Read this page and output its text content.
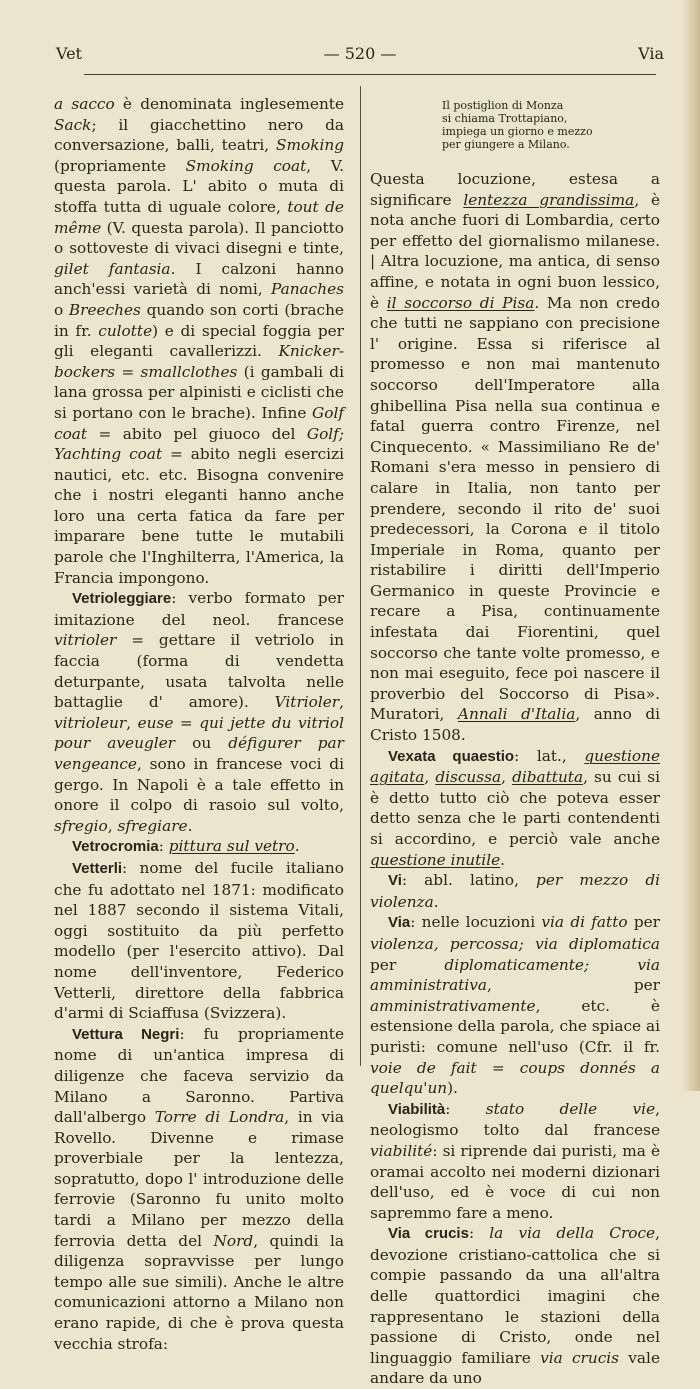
Vet	— 520 —	Via

a sacco è denominata inglesemente Sack; il giacchettino nero da conversazione, balli, teatri, Smoking (propriamente Smoking coat, V. questa parola. L' abito o muta di stoffa tutta di uguale colore, tout de même (V. questa parola). Il panciotto o sottoveste di vivaci disegni e tinte, gilet fantasia. I calzoni hanno anch'essi varietà di nomi, Panaches o Breeches quando son corti (brache in fr. culotte) e di special foggia per gli eleganti cavallerizzi. Knicker-bockers = smallclothes (i gambali di lana grossa per alpinisti e ciclisti che si portano con le brache). Infine Golf coat = abito pel giuoco del Golf; Yachting coat = abito negli esercizi nautici, etc. etc. Bisogna convenire che i nostri eleganti hanno anche loro una certa fatica da fare per imparare bene tutte le mutabili parole che l'Inghilterra, l'America, la Francia impongono.

Vetrioleggiare: verbo formato per imitazione del neol. francese vitrioler = gettare il vetriolo in faccia (forma di vendetta deturpante, usata talvolta nelle battaglie d' amore). Vitrioler, vitrioleur, euse = qui jette du vitriol pour aveugler ou défigurer par vengeance, sono in francese voci di gergo. In Napoli è a tale effetto in onore il colpo di rasoio sul volto, sfregio, sfregiare.

Vetrocromia: pittura sul vetro.

Vetterli: nome del fucile italiano che fu adottato nel 1871: modificato nel 1887 secondo il sistema Vitali, oggi sostituito da più perfetto modello (per l'esercito attivo). Dal nome dell'inventore, Federico Vetterli, direttore della fabbrica d'armi di Sciaffusa (Svizzera).

Vettura Negri: fu propriamente nome di un'antica impresa di diligenze che faceva servizio da Milano a Saronno. Partiva dall'albergo Torre di Londra, in via Rovello. Divenne e rimase proverbiale per la lentezza, sopratutto, dopo l' introduzione delle ferrovie (Saronno fu unito molto tardi a Milano per mezzo della ferrovia detta del Nord, quindi la diligenza sopravvisse per lungo tempo alle sue simili). Anche le altre comunicazioni attorno a Milano non erano rapide, di che è prova questa vecchia strofa:

Il postiglion di Monza
si chiama Trottapiano,
impiega un giorno e mezzo
per giungere a Milano.

Questa locuzione, estesa a significare lentezza grandissima, è nota anche fuori di Lombardia, certo per effetto del giornalismo milanese. | Altra locuzione, ma antica, di senso affine, e notata in ogni buon lessico, è il soccorso di Pisa. Ma non credo che tutti ne sappiano con precisione l' origine. Essa si riferisce al promesso e non mai mantenuto soccorso dell'Imperatore alla ghibellina Pisa nella sua continua e fatal guerra contro Firenze, nel Cinquecento. « Massimiliano Re de' Romani s'era messo in pensiero di calare in Italia, non tanto per prendere, secondo il rito de' suoi predecessori, la Corona e il titolo Imperiale in Roma, quanto per ristabilire i diritti dell'Imperio Germanico in queste Provincie e recare a Pisa, continuamente infestata dai Fiorentini, quel soccorso che tante volte promesso, e non mai eseguito, fece poi nascere il proverbio del Soccorso di Pisa». Muratori, Annali d'Italia, anno di Cristo 1508.

Vexata quaestio: lat., questione agitata, discussa, dibattuta, su cui si è detto tutto ciò che poteva esser detto senza che le parti contendenti si accordino, e perciò vale anche questione inutile.

Vi: abl. latino, per mezzo di violenza.

Via: nelle locuzioni via di fatto per violenza, percossa; via diplomatica per diplomaticamente; via amministrativa, per amministrativamente, etc. è estensione della parola, che spiace ai puristi: comune nell'uso (Cfr. il fr. voie de fait = coups donnés a quelqu'un).

Viabilità: stato delle vie, neologismo tolto dal francese viabilité: si riprende dai puristi, ma è oramai accolto nei moderni dizionari dell'uso, ed è voce di cui non sapremmo fare a meno.

Via crucis: la via della Croce, devozione cristiano-cattolica che si compie passando da una all'altra delle quattordici imagini che rappresentano le stazioni della passione di Cristo, onde nel linguaggio familiare via crucis vale andare da uno
